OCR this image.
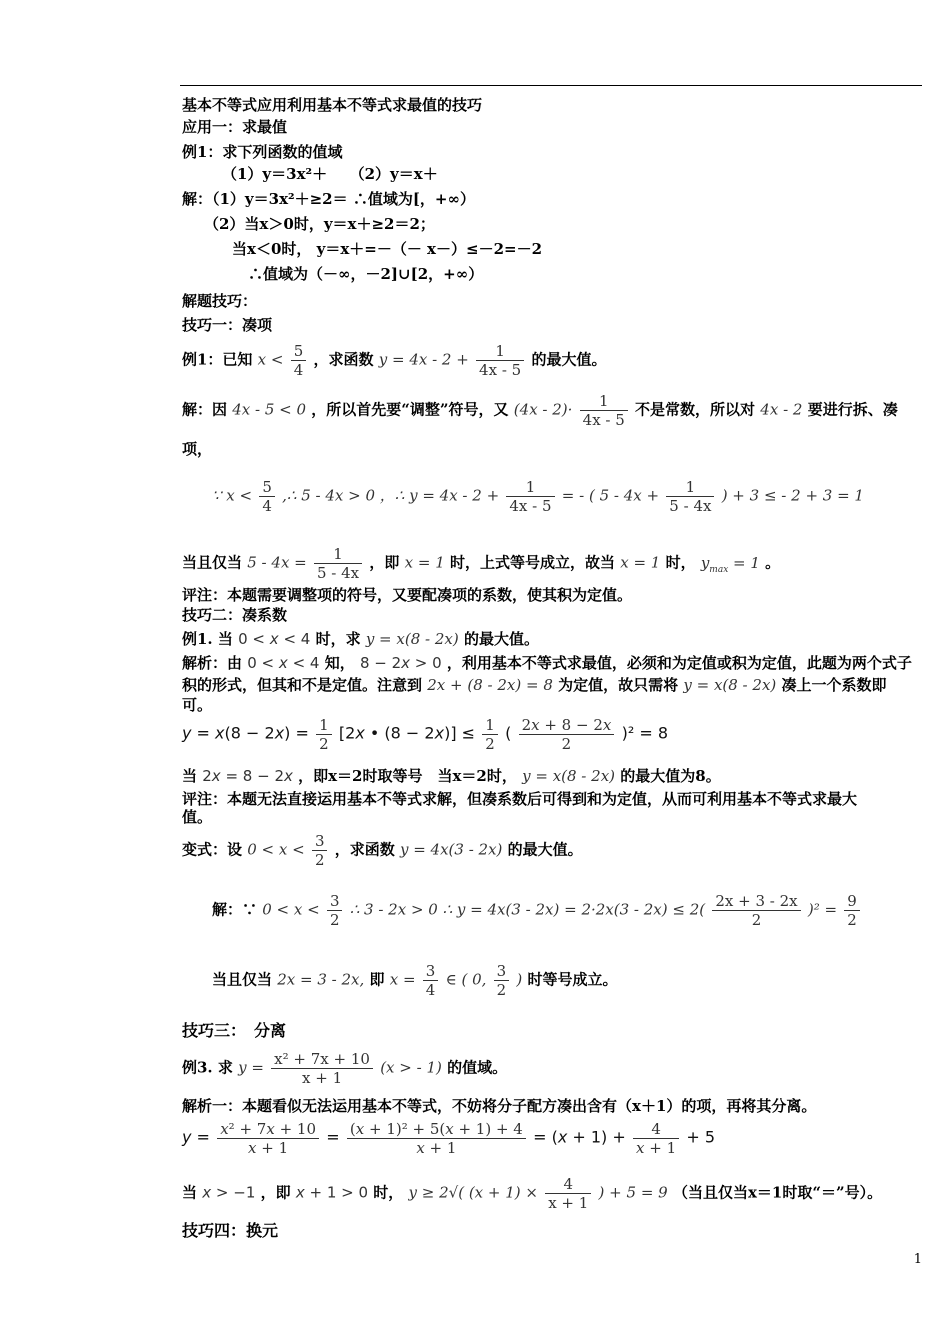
基本不等式应用利用基本不等式求最值的技巧
应用一：求最值
例1：求下列函数的值域
（1）y＝3x²＋　　（2）y＝x＋
解：（1）y＝3x²＋≥2＝ ∴值域为[，+∞）
（2）当x＞0时，y＝x＋≥2＝2；
当x＜0时， y＝x＋=－（－ x－）≤－2=－2
∴值域为（－∞，－2]∪[2，+∞）
解题技巧：
技巧一：凑项
例1：已知 $x < \frac{5}{4}$ ，求函数 $y = 4x - 2 + \frac{1}{4x - 5}$ 的最大值。
解：因 4x - 5 < 0 ，所以首先要“调整”符号，又 $(4x - 2)\cdot \frac{1}{4x - 5}$ 不是常数，所以对 4x - 2 要进行拆、凑
项，
∵ $x < \frac{5}{4}$ ,∴ 5 - 4x > 0 ，∴ $y = 4x - 2 + \frac{1}{4x - 5}$ = - ( $5 - 4x + \frac{1}{5 - 4x}$ ) + 3 ≤ - 2 + 3 = 1
当且仅当 $5 - 4x = \frac{1}{5 - 4x}$ ，即 x = 1 时，上式等号成立，故当 x = 1 时， $y_{max} = 1$ 。
评注：本题需要调整项的符号，又要配凑项的系数，使其积为定值。
技巧二：凑系数
例1. 当 0 < x < 4 时，求 y = x(8 - 2x) 的最大值。
解析：由 0 < x < 4 知， 8 − 2x > 0 ，利用基本不等式求最值，必须和为定值或积为定值，此题为两个式子
积的形式，但其和不是定值。注意到 2x + (8 - 2x) = 8 为定值，故只需将 y = x(8 - 2x) 凑上一个系数即
可。
$y = x(8 - 2x) = \frac{1}{2} [2x$ • $(8 - 2x)] \le \frac{1}{2}$ ( $\frac{2x + 8 - 2x}{2} )^2 = 8$
当 2x = 8 − 2x ，即x＝2时取等号　当x＝2时， y = x(8 - 2x) 的最大值为8。
评注：本题无法直接运用基本不等式求解，但凑系数后可得到和为定值，从而可利用基本不等式求最大
值。
变式：设 $0 < x < \frac{3}{2}$ ，求函数 y = 4x(3 - 2x) 的最大值。
解：∵ $0 < x < \frac{3}{2}$ ∴ 3 - 2x > 0 ∴ $y = 4x(3 - 2x) = 2\cdot 2x(3 - 2x) \le 2( \frac{2x + 3 - 2x}{2} )^2 = \frac{9}{2}$
当且仅当 2x = 3 - 2x, 即 $x = \frac{3}{4}$ ∈ ( 0, $\frac{3}{2}$ ) 时等号成立。
技巧三：　分离
例3. 求 $y = \frac{\text{x² + 7x + 10}}{x + 1} (x$ > - 1) 的值域。
解析一：本题看似无法运用基本不等式，不妨将分子配方凑出含有（x＋1）的项，再将其分离。
$y = \frac{\text{x² + 7x + 10}}{x + 1} = \frac{\text{(x + 1)² + 5(x + 1) + 4}}{x + 1} = (x + 1) + \frac{4}{x + 1} + 5$
当 x > −1 ，即 x + 1 > 0 时， y ≥ 2√( $(x + 1) \times \frac{4}{x + 1}$ ) + 5 = 9 （当且仅当x＝1时取“＝”号）。
技巧四：换元
1
